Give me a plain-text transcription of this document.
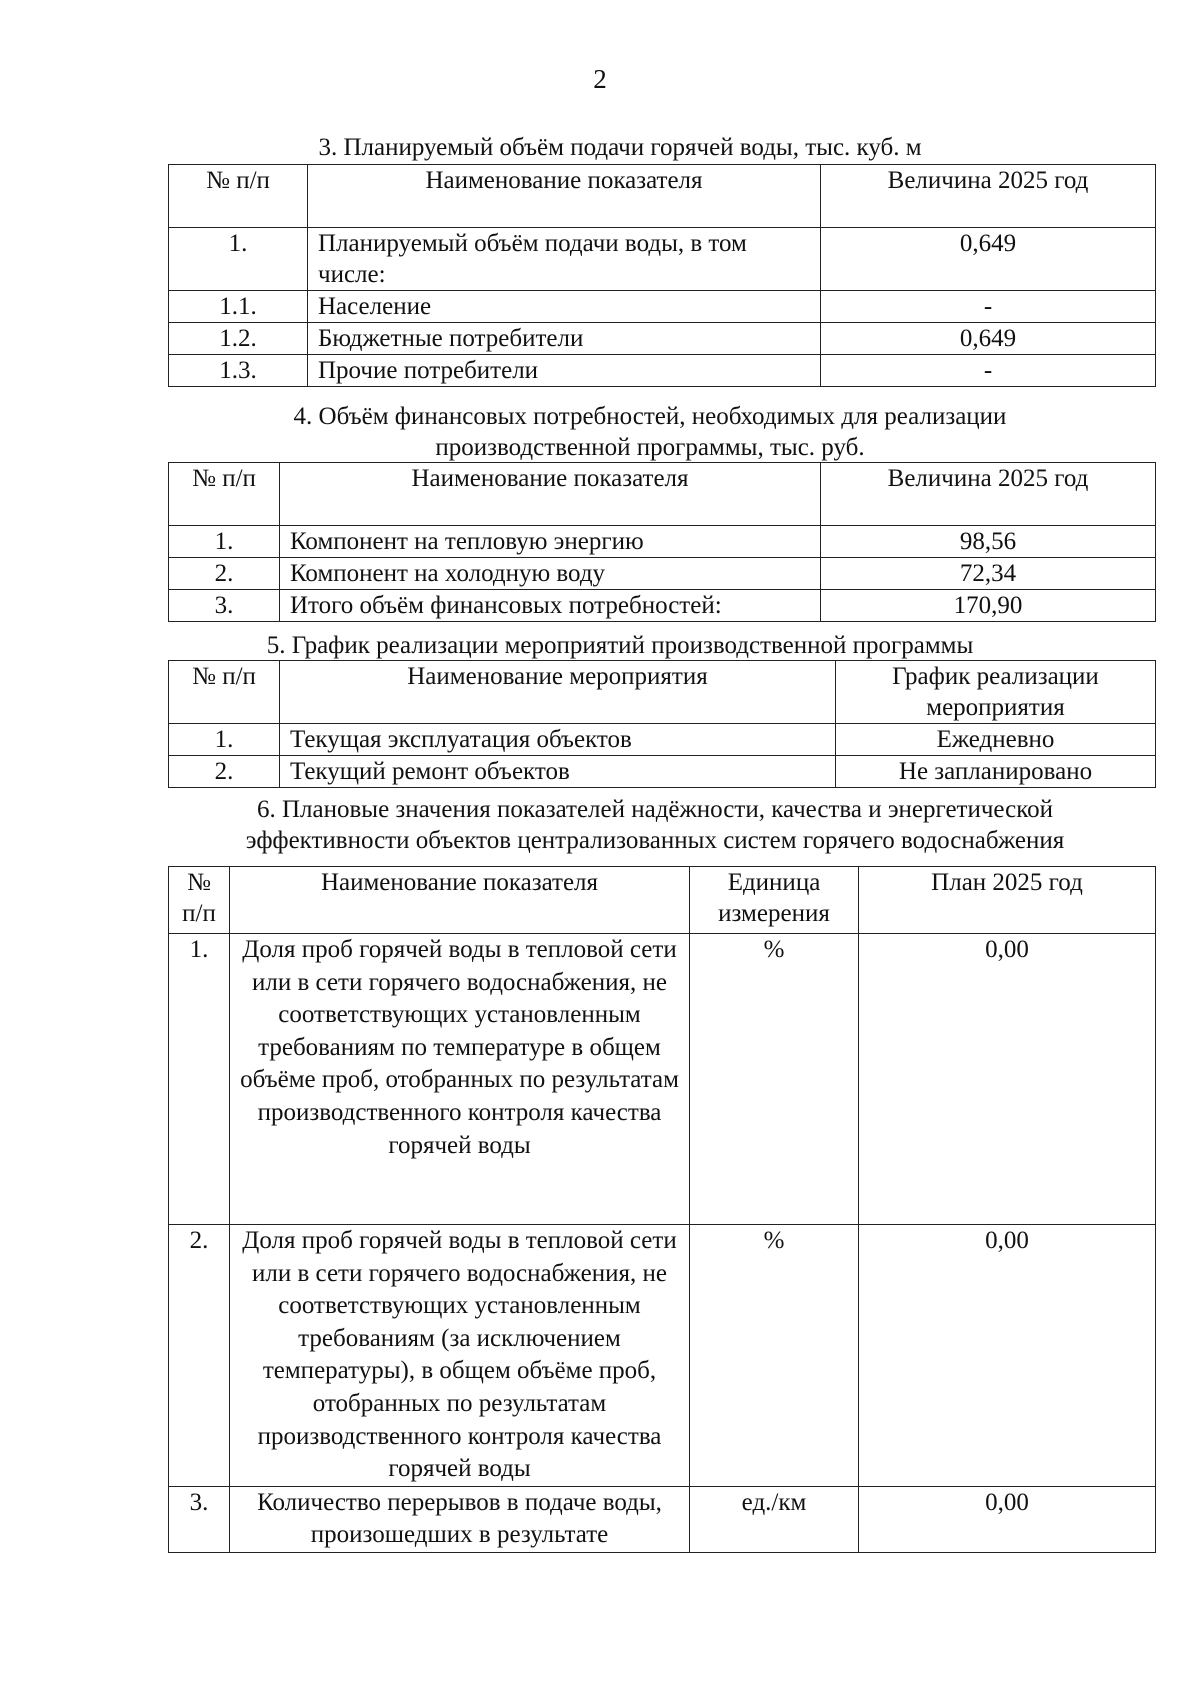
2
3. Планируемый объём подачи горячей воды, тыс. куб. м
№ п/п	Наименование показателя	Величина 2025 год
1.	Планируемый объём подачи воды, в том числе:	0,649
1.1.	Население	-
1.2.	Бюджетные потребители	0,649
1.3.	Прочие потребители	-
4. Объём финансовых потребностей, необходимых для реализации производственной программы, тыс. руб.
№ п/п	Наименование показателя	Величина 2025 год
1.	Компонент на тепловую энергию	98,56
2.	Компонент на холодную воду	72,34
3.	Итого объём финансовых потребностей:	170,90
5. График реализации мероприятий производственной программы
№ п/п	Наименование мероприятия	График реализации мероприятия
1.	Текущая эксплуатация объектов	Ежедневно
2.	Текущий ремонт объектов	Не запланировано
6. Плановые значения показателей надёжности, качества и энергетической эффективности объектов централизованных систем горячего водоснабжения
№ п/п	Наименование показателя	Единица измерения	План 2025 год
1.	Доля проб горячей воды в тепловой сети или в сети горячего водоснабжения, не соответствующих установленным требованиям по температуре в общем объёме проб, отобранных по результатам производственного контроля качества горячей воды	%	0,00
2.	Доля проб горячей воды в тепловой сети или в сети горячего водоснабжения, не соответствующих установленным требованиям (за исключением температуры), в общем объёме проб, отобранных по результатам производственного контроля качества горячей воды	%	0,00
3.	Количество перерывов в подаче воды, произошедших в результате	ед./км	0,00
